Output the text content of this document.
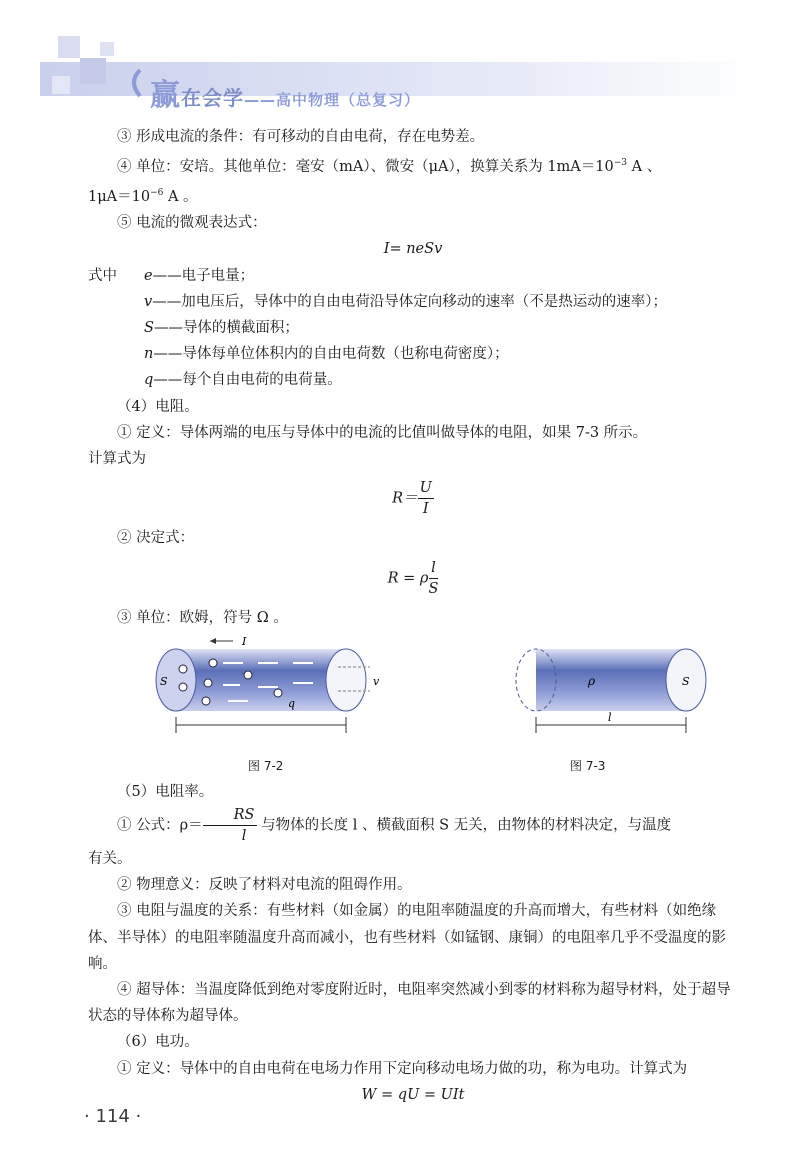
赢在会学——高中物理（总复习）

③ 形成电流的条件：有可移动的自由电荷，存在电势差。

④ 单位：安培。其他单位：毫安（mA）、微安（μA），换算关系为 $1mA=10^{-3}$ A 、

$1\mu A=10^{-6}$ A 。

⑤ 电流的微观表达式：

I= neSv

式中 e——电子电量；

v——加电压后，导体中的自由电荷沿导体定向移动的速率（不是热运动的速率）；

S——导体的横截面积；

n——导体每单位体积内的自由电荷数（也称电荷密度）；

q——每个自由电荷的电荷量。

（4）电阻。

① 定义：导体两端的电压与导体中的电流的比值叫做导体的电阻，如果 7-3 所示。

计算式为

$R= \frac{U}{I}$

② 决定式：

R = ρ $\frac{l}{S}$

③ 单位：欧姆，符号 Ω 。

I
S
q
v	ρ	S
l
图 7-2	图 7-3

（5）电阻率。

① 公式：$\rho= \frac{RS}{l}$ 与物体的长度 l 、横截面积 S 无关，由物体的材料决定，与温度

有关。

② 物理意义：反映了材料对电流的阻碍作用。

③ 电阻与温度的关系：有些材料（如金属）的电阻率随温度的升高而增大，有些材料（如绝缘体、半导体）的电阻率随温度升高而减小，也有些材料（如锰钢、康铜）的电阻率几乎不受温度的影响。

④ 超导体：当温度降低到绝对零度附近时，电阻率突然减小到零的材料称为超导材料，处于超导状态的导体称为超导体。

（6）电功。

① 定义：导体中的自由电荷在电场力作用下定向移动电场力做的功，称为电功。计算式为

W = qU = UIt

· 114 ·
